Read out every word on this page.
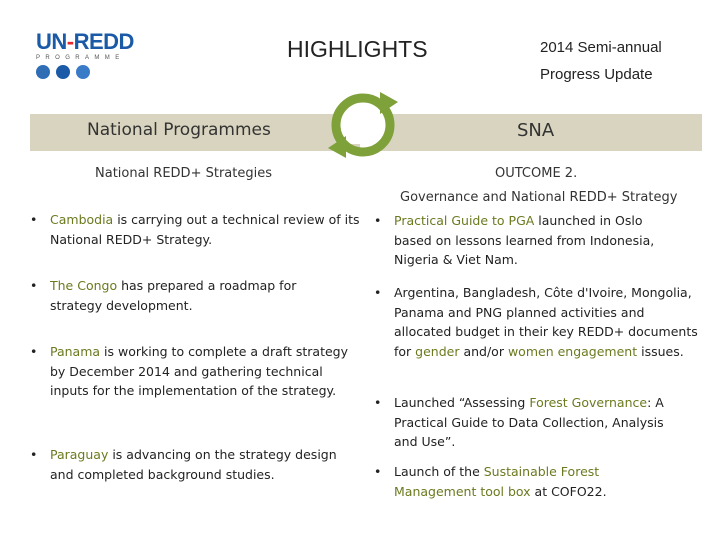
UN-REDD
PROGRAMME	HIGHLIGHTS	2014 Semi-annual
Progress Update
National Programmes	SNA
National REDD+ Strategies
•	Cambodia is carrying out a technical review of its National REDD+ Strategy.
•	The Congo has prepared a roadmap for strategy development.
•	Panama is working to complete a draft strategy by December 2014 and gathering technical inputs for the implementation of the strategy.
•	Paraguay is advancing on the strategy design and completed background studies.
OUTCOME 2.
Governance and National REDD+ Strategy
•	Practical Guide to PGA launched in Oslo based on lessons learned from Indonesia, Nigeria & Viet Nam.
•	Argentina, Bangladesh, Côte d'Ivoire, Mongolia, Panama and PNG planned activities and allocated budget in their key REDD+ documents for gender and/or women engagement issues.
•	Launched “Assessing Forest Governance: A Practical Guide to Data Collection, Analysis and Use”.
•	Launch of the Sustainable Forest Management tool box at COFO22.
